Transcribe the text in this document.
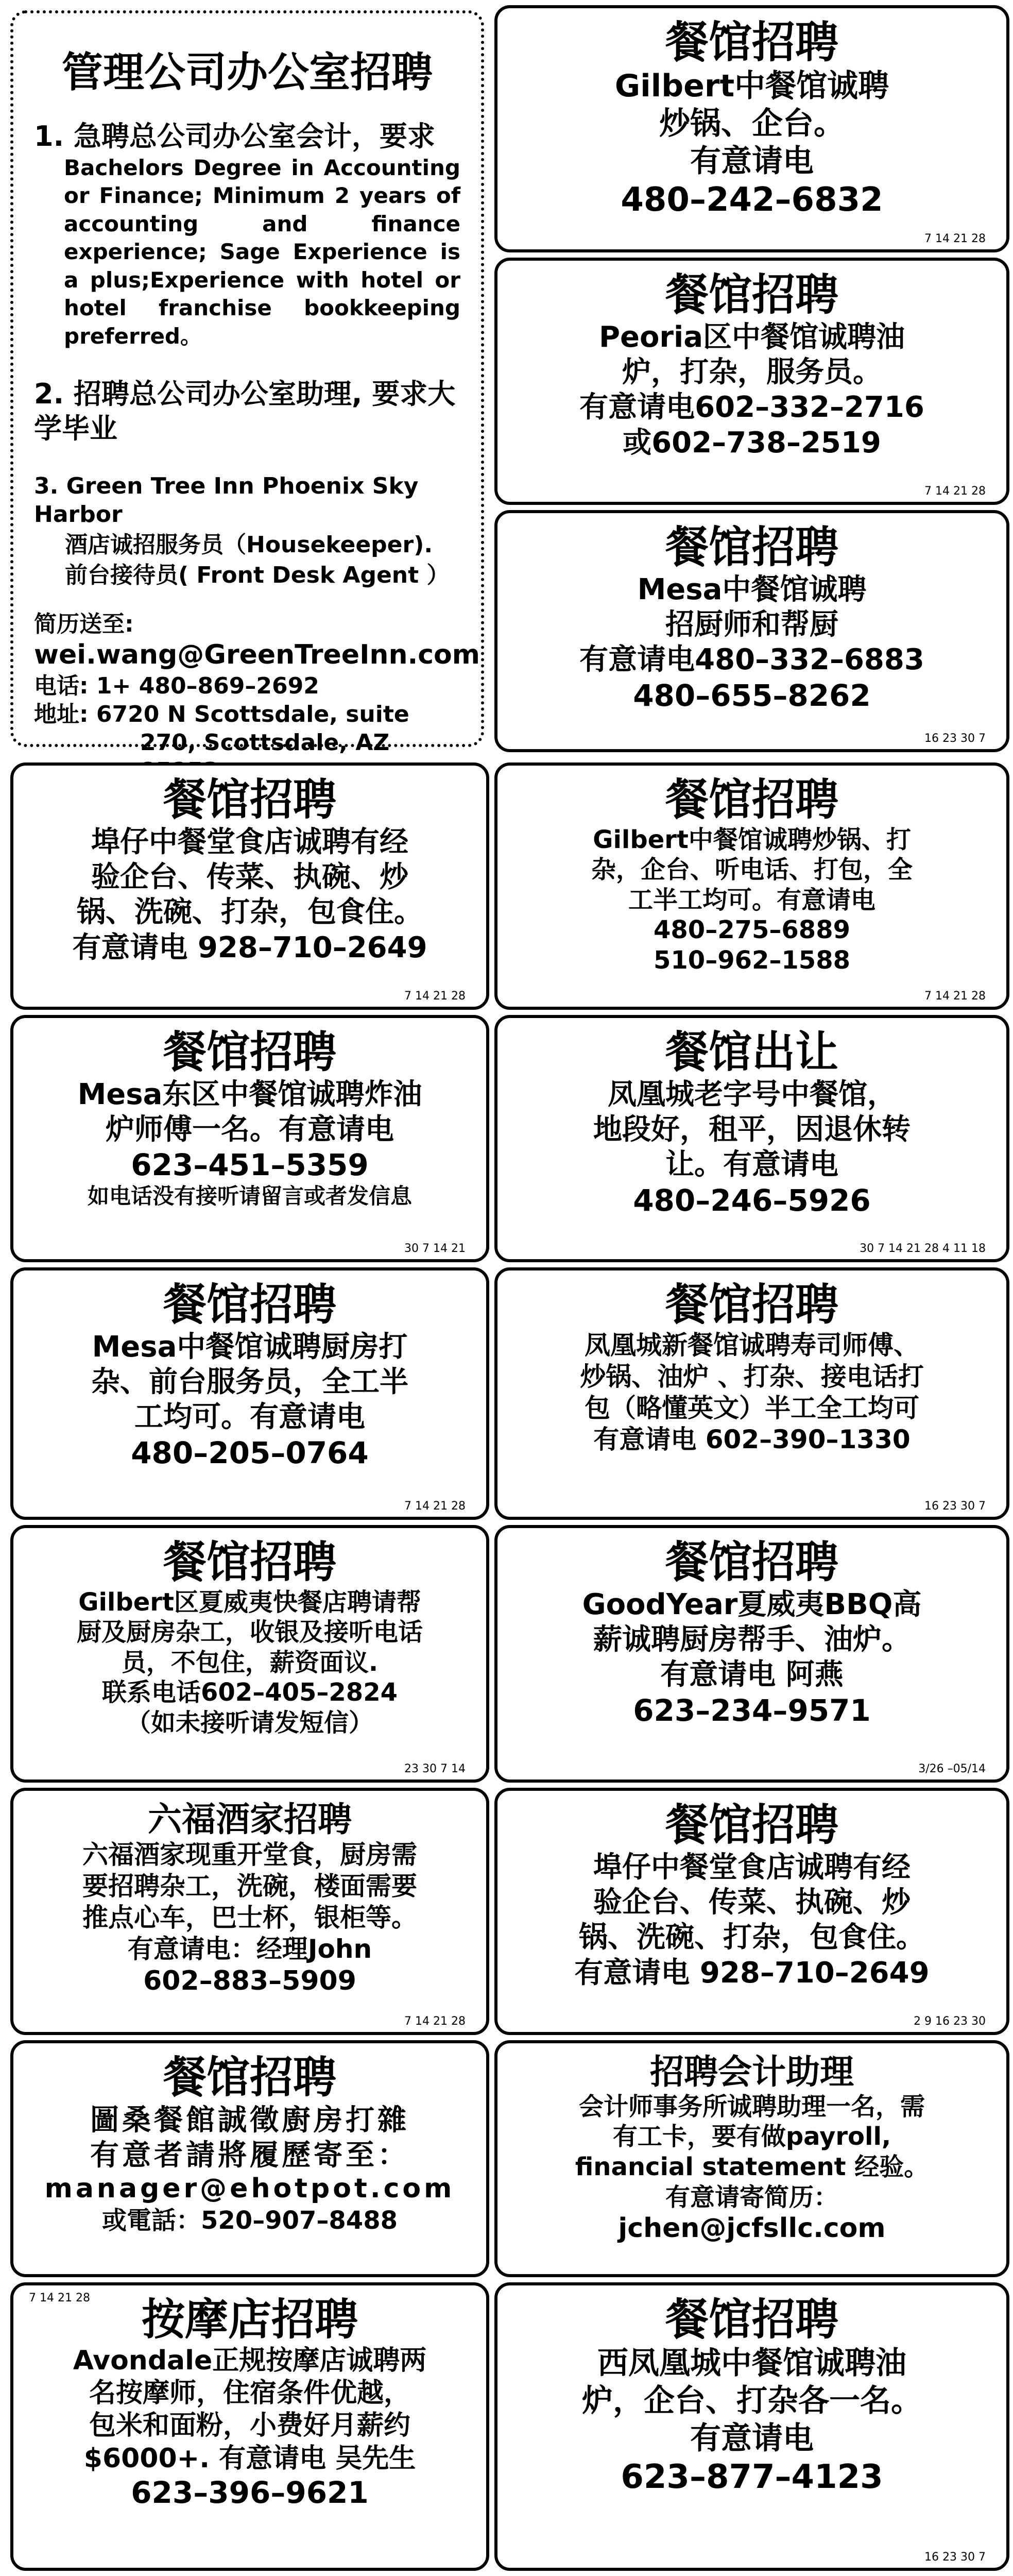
管理公司办公室招聘
1. 急聘总公司办公室会计，要求
Bachelors Degree in Accounting or Finance; Minimum 2 years of accounting and finance experience; Sage Experience is a plus;Experience with hotel or hotel franchise bookkeeping preferred。
2. 招聘总公司办公室助理, 要求大学毕业
3. Green Tree Inn Phoenix Sky Harbor
酒店诚招服务员（Housekeeper).
前台接待员( Front Desk Agent ）
简历送至:
wei.wang@GreenTreeInn.com
电话: 1+ 480–869–2692
地址: 6720 N Scottsdale, suite
270, Scottsdale, AZ
餐馆招聘
Gilbert中餐馆诚聘
炒锅、企台。
有意请电
480–242–6832
7 14 21 28
餐馆招聘
Peoria区中餐馆诚聘油
炉，打杂，服务员。
有意请电602–332–2716
或602–738–2519
7 14 21 28
餐馆招聘
Mesa中餐馆诚聘
招厨师和帮厨
有意请电480–332–6883
480–655–8262
16 23 30 7
餐馆招聘
埠仔中餐堂食店诚聘有经
验企台、传菜、执碗、炒
锅、洗碗、打杂，包食住。
有意请电 928–710–2649
7 14 21 28
餐馆招聘
Gilbert中餐馆诚聘炒锅、打
杂，企台、听电话、打包，全
工半工均可。有意请电
480–275–6889
510–962–1588
7 14 21 28
餐馆招聘
Mesa东区中餐馆诚聘炸油
炉师傅一名。有意请电
623–451–5359
如电话没有接听请留言或者发信息
30 7 14 21
餐馆出让
凤凰城老字号中餐馆，
地段好，租平，因退休转
让。有意请电
480–246–5926
30 7 14 21 28 4 11 18
餐馆招聘
Mesa中餐馆诚聘厨房打
杂、前台服务员，全工半
工均可。有意请电
480–205–0764
7 14 21 28
餐馆招聘
凤凰城新餐馆诚聘寿司师傅、
炒锅、油炉 、打杂、接电话打
包（略懂英文）半工全工均可
有意请电 602–390–1330
16 23 30 7
餐馆招聘
Gilbert区夏威夷快餐店聘请帮
厨及厨房杂工，收银及接听电话
员，不包住，薪资面议.
联系电话602–405–2824
（如未接听请发短信）
23 30 7 14
餐馆招聘
GoodYear夏威夷BBQ高
薪诚聘厨房帮手、油炉。
有意请电 阿燕
623–234–9571
3/26 –05/14
六福酒家招聘
六福酒家现重开堂食，厨房需
要招聘杂工，洗碗，楼面需要
推点心车，巴士杯，银柜等。
有意请电：经理John
602–883–5909
7 14 21 28
餐馆招聘
埠仔中餐堂食店诚聘有经
验企台、传菜、执碗、炒
锅、洗碗、打杂，包食住。
有意请电 928–710–2649
2 9 16 23 30
餐馆招聘
圖桑餐館誠徵廚房打雜
有意者請將履歷寄至：
manager@ehotpot.com
或電話：520–907–8488
招聘会计助理
会计师事务所诚聘助理一名，需
有工卡，要有做payroll,
financial statement 经验。
有意请寄简历：
jchen@jcfsllc.com
7 14 21 28	按摩店招聘
Avondale正规按摩店诚聘两
名按摩师，住宿条件优越，
包米和面粉，小费好月薪约
$6000+. 有意请电 吴先生
623–396–9621
餐馆招聘
西凤凰城中餐馆诚聘油
炉，企台、打杂各一名。
有意请电
623–877–4123
16 23 30 7
